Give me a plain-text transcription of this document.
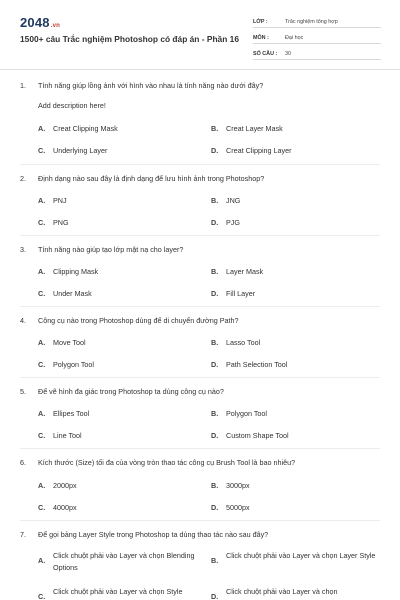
2048.vn
1500+ câu Trắc nghiệm Photoshop có đáp án - Phần 16
LỚP :	Trắc nghiệm tổng hợp
MÔN :	Đại học
SỐ CÂU :	30
1. Tính năng giúp lồng ảnh với hình vào nhau là tính năng nào dưới đây?
Add description here!
A. Creat Clipping Mask	B. Creat Layer Mask
C. Underlying Layer	D. Creat Clipping Layer
2. Định dạng nào sau đây là định dạng để lưu hình ảnh trong Photoshop?
A. PNJ	B. JNG
C. PNG	D. PJG
3. Tính năng nào giúp tạo lớp mặt nạ cho layer?
A. Clipping Mask	B. Layer Mask
C. Under Mask	D. Fill Layer
4. Công cụ nào trong Photoshop dùng để di chuyển đường Path?
A. Move Tool	B. Lasso Tool
C. Polygon Tool	D. Path Selection Tool
5. Để vẽ hình đa giác trong Photoshop ta dùng công cụ nào?
A. Ellipes Tool	B. Polygon Tool
C. Line Tool	D. Custom Shape Tool
6. Kích thước (Size) tối đa của vòng tròn thao tác công cụ Brush Tool là bao nhiêu?
A. 2000px	B. 3000px
C. 4000px	D. 5000px
7. Để gọi bảng Layer Style trong Photoshop ta dùng thao tác nào sau đây?
A.
Click chuột phải vào Layer và chọn Blending Options
B.
Click chuột phải vào Layer và chọn Layer Style
C.
Click chuột phải vào Layer và chọn Style
D.
Click chuột phải vào Layer và chọn
